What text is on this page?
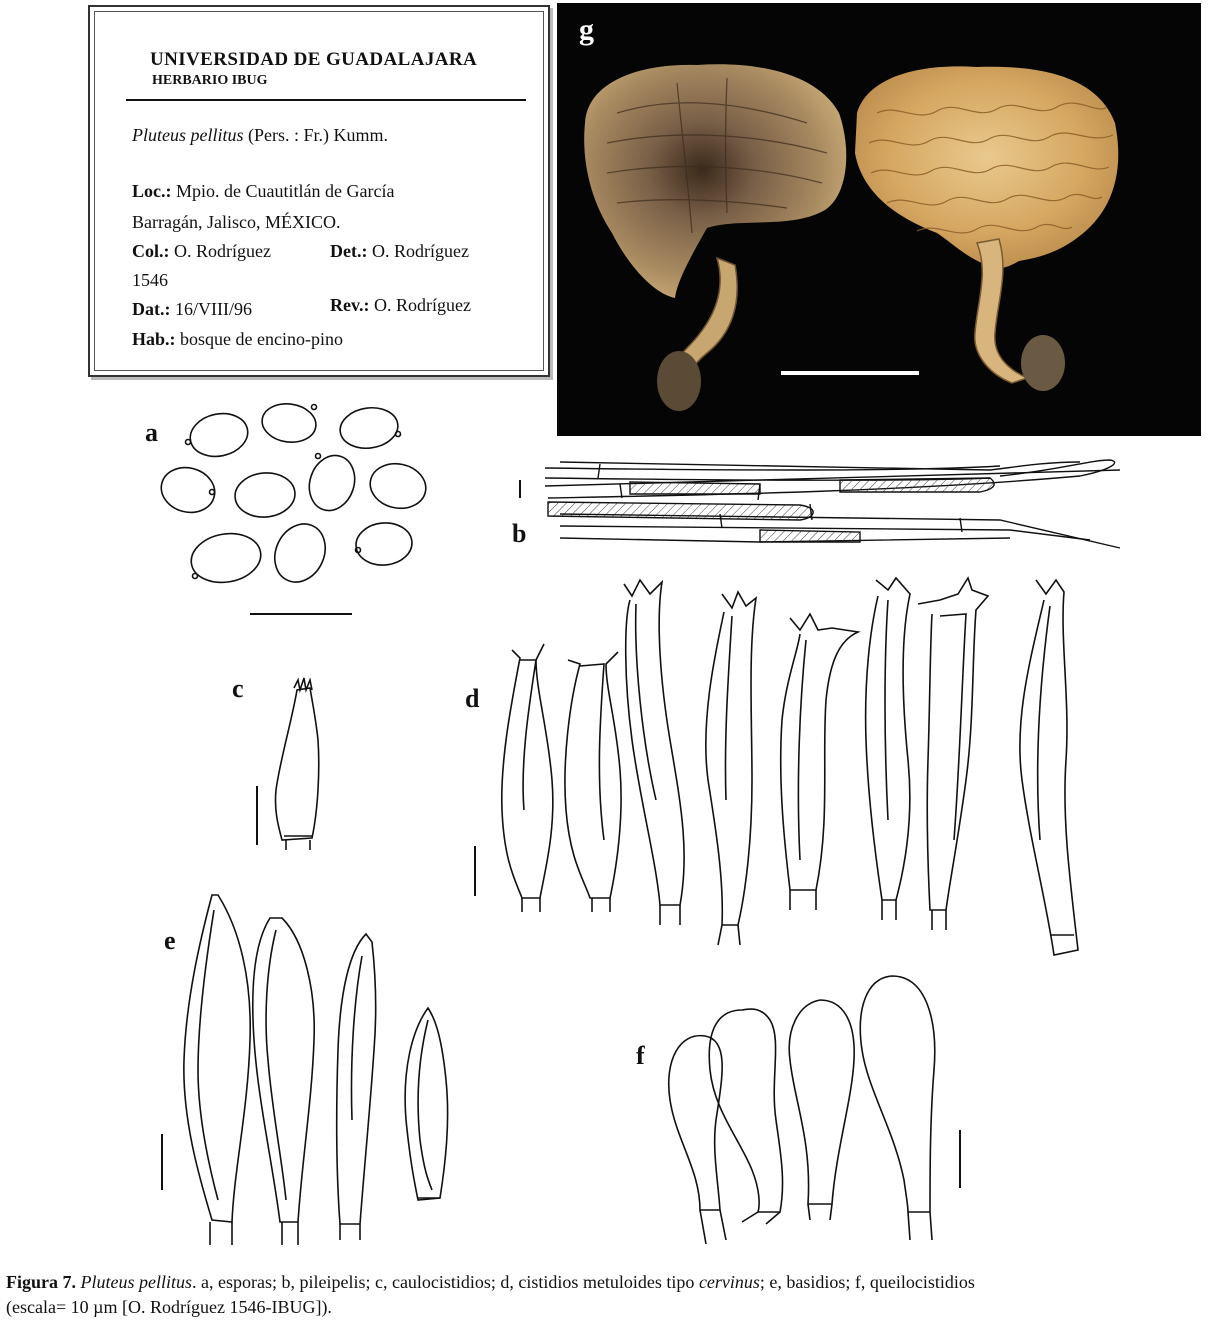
UNIVERSIDAD DE GUADALAJARA
HERBARIO IBUG
Pluteus pellitus (Pers. : Fr.) Kumm.
Loc.: Mpio. de Cuautitlán de García
Barragán, Jalisco, MÉXICO.
Col.: O. Rodríguez	Det.: O. Rodríguez
1546
Dat.: 16/VIII/96	Rev.: O. Rodríguez
Hab.: bosque de encino-pino
g
a
b
c	d
e
f
Figura 7. Pluteus pellitus. a, esporas; b, pileipelis; c, caulocistidios; d, cistidios metuloides tipo cervinus; e, basidios; f, queilocistidios
(escala= 10 µm [O. Rodríguez 1546-IBUG]).
